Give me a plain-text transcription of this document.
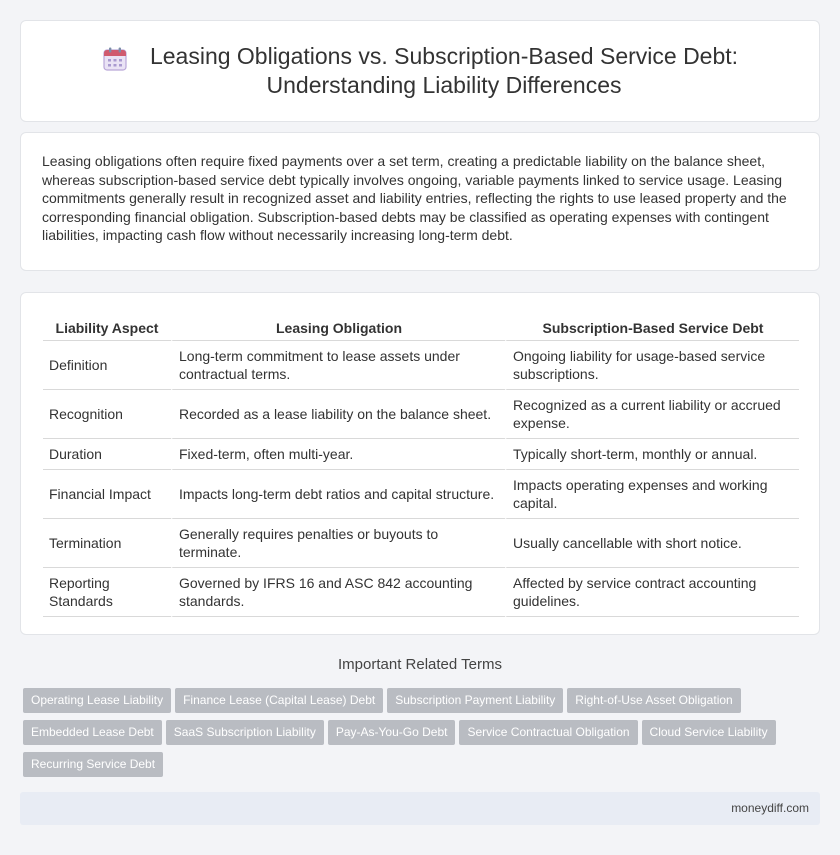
Leasing Obligations vs. Subscription-Based Service Debt:
Understanding Liability Differences

Leasing obligations often require fixed payments over a set term, creating a predictable liability on the balance sheet, whereas subscription-based service debt typically involves ongoing, variable payments linked to service usage. Leasing commitments generally result in recognized asset and liability entries, reflecting the rights to use leased property and the corresponding financial obligation. Subscription-based debts may be classified as operating expenses with contingent liabilities, impacting cash flow without necessarily increasing long-term debt.

Liability Aspect	Leasing Obligation	Subscription-Based Service Debt
Definition	Long-term commitment to lease assets under contractual terms.	Ongoing liability for usage-based service subscriptions.
Recognition	Recorded as a lease liability on the balance sheet.	Recognized as a current liability or accrued expense.
Duration	Fixed-term, often multi-year.	Typically short-term, monthly or annual.
Financial Impact	Impacts long-term debt ratios and capital structure.	Impacts operating expenses and working capital.
Termination	Generally requires penalties or buyouts to terminate.	Usually cancellable with short notice.
Reporting Standards	Governed by IFRS 16 and ASC 842 accounting standards.	Affected by service contract accounting guidelines.
Important Related Terms
Operating Lease Liability	Finance Lease (Capital Lease) Debt	Subscription Payment Liability	Right-of-Use Asset Obligation
Embedded Lease Debt	SaaS Subscription Liability	Pay-As-You-Go Debt	Service Contractual Obligation	Cloud Service Liability
Recurring Service Debt
moneydiff.com
